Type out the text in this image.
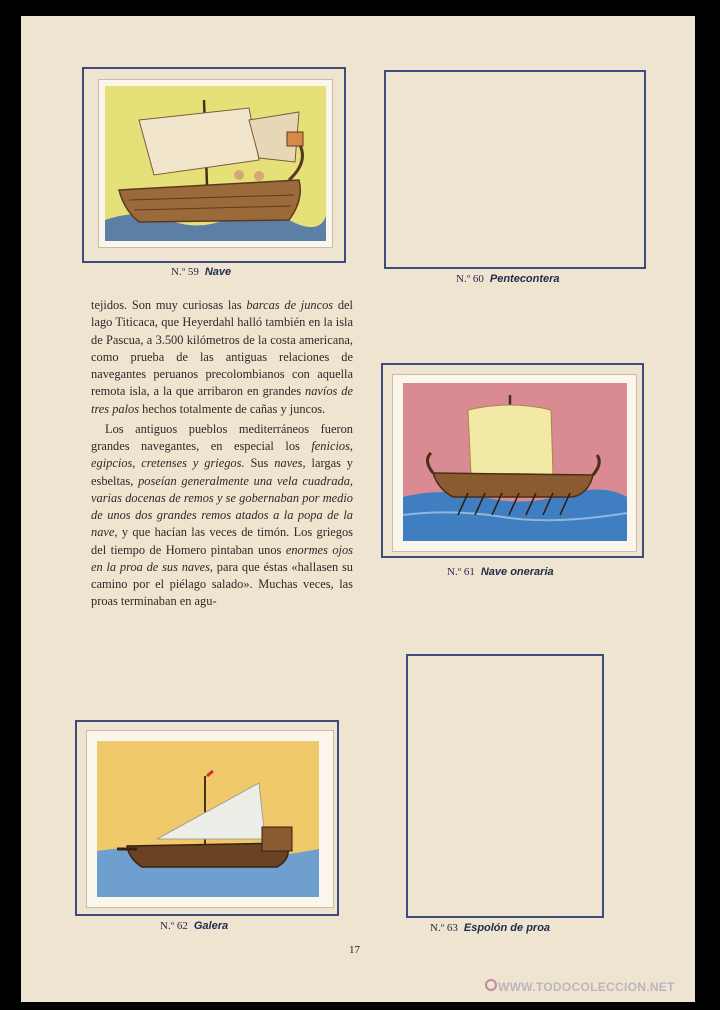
N.º 59 Nave
N.º 60 Pentecontera

tejidos. Son muy curiosas las barcas de juncos del lago Titicaca, que Heyerdahl halló también en la isla de Pascua, a 3.500 kilómetros de la costa americana, como prueba de las antiguas relaciones de navegantes peruanos precolombianos con aquella remota isla, a la que arribaron en grandes navíos de tres palos hechos totalmente de cañas y juncos.

Los antiguos pueblos mediterráneos fueron grandes navegantes, en especial los fenicios, egipcios, cretenses y griegos. Sus naves, largas y esbeltas, poseían generalmente una vela cuadrada, varias docenas de remos y se gobernaban por medio de unos dos grandes remos atados a la popa de la nave, y que hacían las veces de timón. Los griegos del tiempo de Homero pintaban unos enormes ojos en la proa de sus naves, para que éstas «hallasen su camino por el piélago salado». Muchas veces, las proas terminaban en agu-

N.º 61 Nave oneraria
N.º 63 Espolón de proa
N.º 62 Galera
17
WWW.TODOCOLECCION.NET
